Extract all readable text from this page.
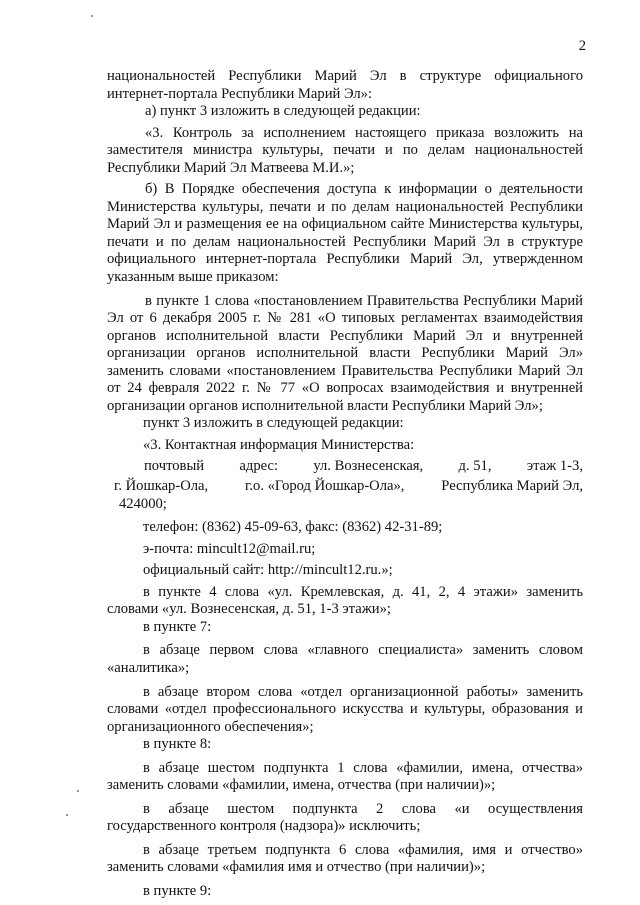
2

национальностей Республики Марий Эл в структуре официального интернет-портала Республики Марий Эл»:

а) пункт 3 изложить в следующей редакции:

«3. Контроль за исполнением настоящего приказа возложить на заместителя министра культуры, печати и по делам национальностей Республики Марий Эл Матвеева М.И.»;

б) В Порядке обеспечения доступа к информации о деятельности Министерства культуры, печати и по делам национальностей Республики Марий Эл и размещения ее на официальном сайте Министерства культуры, печати и по делам национальностей Республики Марий Эл в структуре официального интернет-портала Республики Марий Эл, утвержденном указанным выше приказом:

в пункте 1 слова «постановлением Правительства Республики Марий Эл от 6 декабря 2005 г. № 281 «О типовых регламентах взаимодействия органов исполнительной власти Республики Марий Эл и внутренней организации органов исполнительной власти Республики Марий Эл» заменить словами «постановлением Правительства Республики Марий Эл от 24 февраля 2022 г. № 77 «О вопросах взаимодействия и внутренней организации органов исполнительной власти Республики Марий Эл»;

пункт 3 изложить в следующей редакции:

«3. Контактная информация Министерства:

почтовый адрес: ул. Вознесенская, д. 51, этаж 1-3,
г. Йошкар-Ола,	г.о. «Город Йошкар-Ола»,	Республика Марий Эл,
424000;

телефон: (8362) 45-09-63, факс: (8362) 42-31-89;

э-почта: mincult12@mail.ru;

официальный сайт: http://mincult12.ru.»;

в пункте 4 слова «ул. Кремлевская, д. 41, 2, 4 этажи» заменить словами «ул. Вознесенская, д. 51, 1-3 этажи»;

в пункте 7:

в абзаце первом слова «главного специалиста» заменить словом «аналитика»;

в абзаце втором слова «отдел организационной работы» заменить словами «отдел профессионального искусства и культуры, образования и организационного обеспечения»;

в пункте 8:

в абзаце шестом подпункта 1 слова «фамилии, имена, отчества» заменить словами «фамилии, имена, отчества (при наличии)»;

в абзаце шестом подпункта 2 слова «и осуществления государственного контроля (надзора)» исключить;

в абзаце третьем подпункта 6 слова «фамилия, имя и отчество» заменить словами «фамилия имя и отчество (при наличии)»;

в пункте 9:
